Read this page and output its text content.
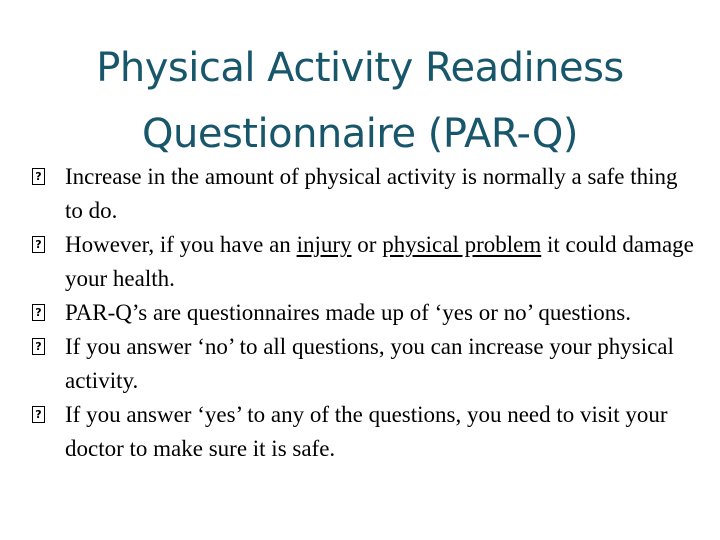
Physical Activity Readiness
Questionnaire (PAR-Q)
?
Increase in the amount of physical activity is normally a safe thing to do.
?
However, if you have an injury or physical problem it could damage your health.
?
PAR-Q’s are questionnaires made up of ‘yes or no’ questions.
?
If you answer ‘no’ to all questions, you can increase your physical activity.
?
If you answer ‘yes’ to any of the questions, you need to visit your doctor to make sure it is safe.
